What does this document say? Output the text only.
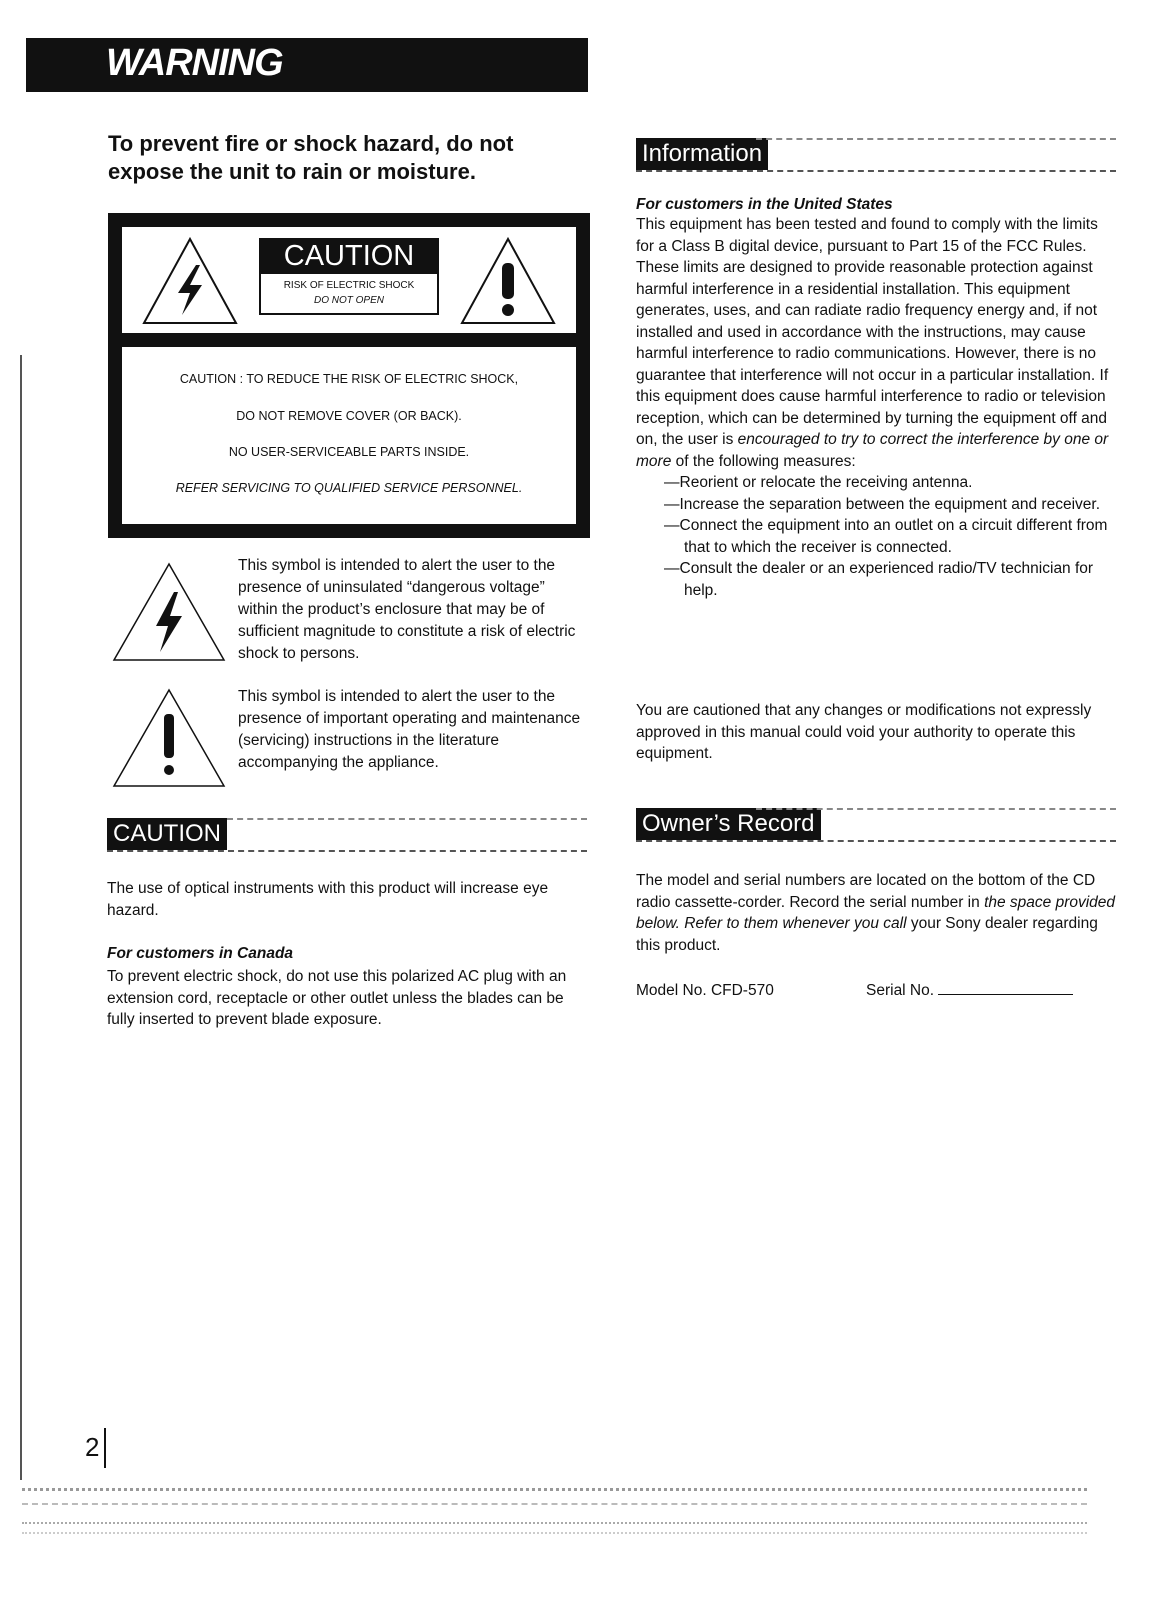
WARNING
To prevent fire or shock hazard, do not expose the unit to rain or moisture.
CAUTION
RISK OF ELECTRIC SHOCK
DO NOT OPEN
CAUTION : TO REDUCE THE RISK OF ELECTRIC SHOCK,
DO NOT REMOVE COVER (OR BACK).
NO USER-SERVICEABLE PARTS INSIDE.
REFER SERVICING TO QUALIFIED SERVICE PERSONNEL.
This symbol is intended to alert the user to the presence of uninsulated “dangerous voltage” within the product’s enclosure that may be of sufficient magnitude to constitute a risk of electric shock to persons.
This symbol is intended to alert the user to the presence of important operating and maintenance (servicing) instructions in the literature accompanying the appliance.
CAUTION
The use of optical instruments with this product will increase eye hazard.
For customers in Canada
To prevent electric shock, do not use this polarized AC plug with an extension cord, receptacle or other outlet unless the blades can be fully inserted to prevent blade exposure.
Information
For customers in the United States
This equipment has been tested and found to comply with the limits for a Class B digital device, pursuant to Part 15 of the FCC Rules. These limits are designed to provide reasonable protection against harmful interference in a residential installation. This equipment generates, uses, and can radiate radio frequency energy and, if not installed and used in accordance with the instructions, may cause harmful interference to radio communications. However, there is no guarantee that interference will not occur in a particular installation. If this equipment does cause harmful interference to radio or television reception, which can be determined by turning the equipment off and on, the user is encouraged to try to correct the interference by one or more of the following measures:
—Reorient or relocate the receiving antenna.
—Increase the separation between the equipment and receiver.
—Connect the equipment into an outlet on a circuit different from that to which the receiver is connected.
—Consult the dealer or an experienced radio/TV technician for help.
You are cautioned that any changes or modifications not expressly approved in this manual could void your authority to operate this equipment.
Owner’s Record
The model and serial numbers are located on the bottom of the CD radio cassette-corder. Record the serial number in the space provided below. Refer to them whenever you call your Sony dealer regarding this product.
Model No. CFD-570	Serial No.
2
